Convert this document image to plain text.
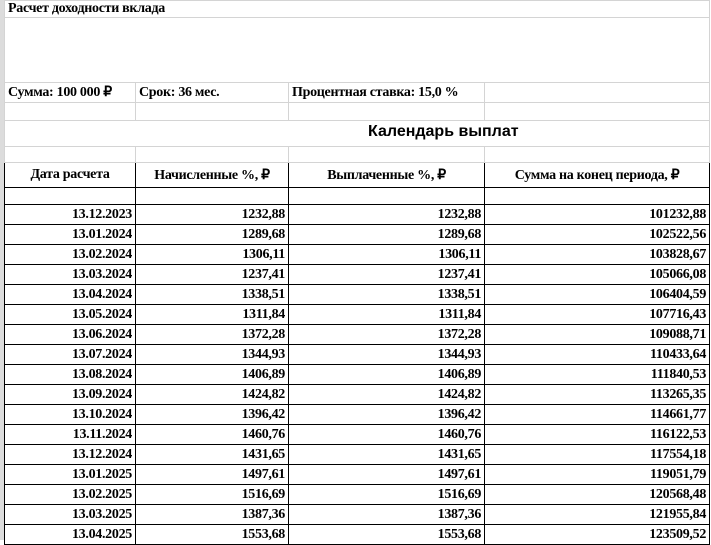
Расчет доходности вклада			

Сумма: 100 000 ₽	Срок: 36 мес.	Процентная ставка: 15,0 %	

Дата расчета	Начисленные %, ₽	Выплаченные %, ₽	Сумма на конец периода, ₽

13.12.2023	1232,88	1232,88	101232,88
13.01.2024	1289,68	1289,68	102522,56
13.02.2024	1306,11	1306,11	103828,67
13.03.2024	1237,41	1237,41	105066,08
13.04.2024	1338,51	1338,51	106404,59
13.05.2024	1311,84	1311,84	107716,43
13.06.2024	1372,28	1372,28	109088,71
13.07.2024	1344,93	1344,93	110433,64
13.08.2024	1406,89	1406,89	111840,53
13.09.2024	1424,82	1424,82	113265,35
13.10.2024	1396,42	1396,42	114661,77
13.11.2024	1460,76	1460,76	116122,53
13.12.2024	1431,65	1431,65	117554,18
13.01.2025	1497,61	1497,61	119051,79
13.02.2025	1516,69	1516,69	120568,48
13.03.2025	1387,36	1387,36	121955,84
13.04.2025	1553,68	1553,68	123509,52
Календарь выплат
